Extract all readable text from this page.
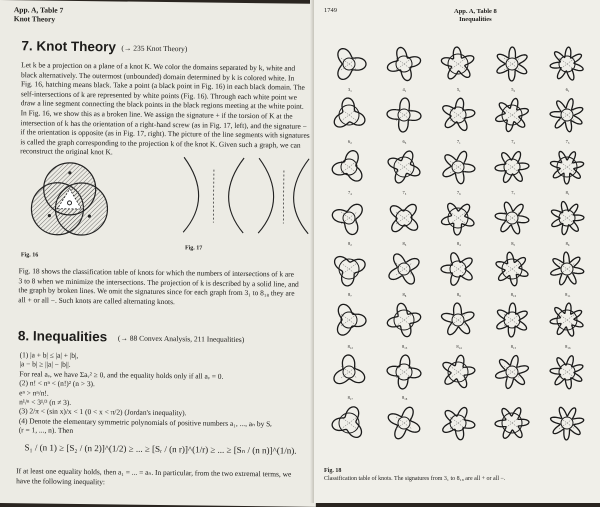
App. A, Table 7
Knot Theory
7. Knot Theory (→ 235 Knot Theory)
Let k be a projection on a plane of a knot K. We color the domains separated by k, white and
black alternatively. The outermost (unbounded) domain determined by k is colored white. In
Fig. 16, hatching means black. Take a point (a black point in Fig. 16) in each black domain. The
self-intersections of k are represented by white points (Fig. 16). Through each white point we
draw a line segment connecting the black points in the black regions meeting at the white point.
In Fig. 16, we show this as a broken line. We assign the signature + if the torsion of K at the
intersection of k has the orientation of a right-hand screw (as in Fig. 17, left), and the signature −
if the orientation is opposite (as in Fig. 17, right). The picture of the line segments with signatures
is called the graph corresponding to the projection k of the knot K. Given such a graph, we can
reconstruct the original knot K.
Fig. 16
Fig. 17
Fig. 18 shows the classification table of knots for which the numbers of intersections of k are
3 to 8 when we minimize the intersections. The projection of k is described by a solid line, and
the graph by broken lines. We omit the signatures since for each graph from 3₁ to 8₁₈ they are
all + or all −. Such knots are called alternating knots.
8. Inequalities (→ 88 Convex Analysis, 211 Inequalities)
(1) |a + b| ≤ |a| + |b|,
|a − b| ≥ ||a| − |b||.
For real aᵥ, we have Σaᵥ² ≥ 0, and the equality holds only if all aᵥ = 0.
(2) n! < nⁿ < (n!)² (n > 3).
eⁿ > nⁿ/n!.
n¹/ⁿ < 3¹/³ (n ≠ 3).
(3) 2/π < (sin x)/x < 1 (0 < x < π/2) (Jordan's inequality).
(4) Denote the elementary symmetric polynomials of positive numbers a₁, ..., aₙ by Sᵣ
(r = 1, ..., n). Then
S₁ / (n 1) ≥ [S₂ / (n 2)]^(1/2) ≥ ... ≥ [Sᵣ / (n r)]^(1/r) ≥ ... ≥ [Sₙ / (n n)]^(1/n).
If at least one equality holds, then a₁ = ... = aₙ. In particular, from the two extremal terms, we
have the following inequality:
1749	App. A, Table 8
Inequalities
3₁	4₁	5₁	5₂	6₁
6₂	6₃	7₁	7₂	7₃
7₄	7₅	7₆	7₇	8₁
8₂	8₃	8₄	8₅	8₆
8₇	8₈	8₉	8₁₀	8₁₁
8₁₂	8₁₃	8₁₄	8₁₅	8₁₆
8₁₇	8₁₈
Fig. 18
Classification table of knots. The signatures from 3₁ to 8₁₈ are all + or all −.
